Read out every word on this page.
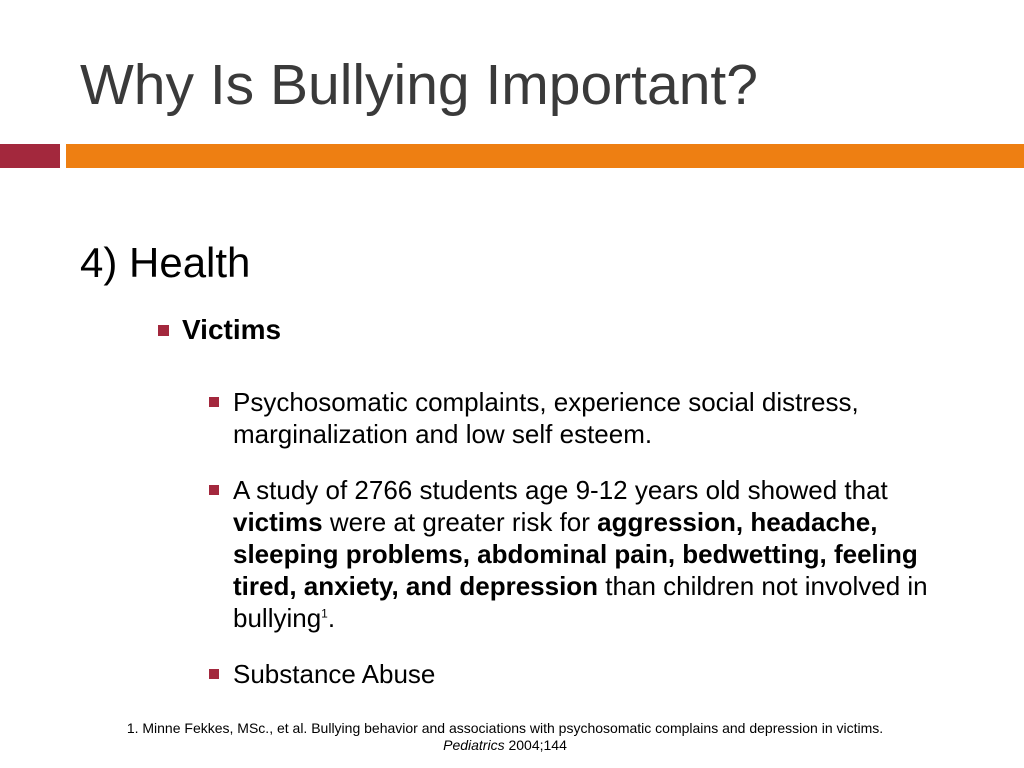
Why Is Bullying Important?
4) Health
Victims
Psychosomatic complaints, experience social distress, marginalization and low self esteem.
A study of 2766 students age 9-12 years old showed that victims were at greater risk for aggression, headache, sleeping problems, abdominal pain, bedwetting, feeling tired, anxiety, and depression than children not involved in bullying$^1$.
Substance Abuse
1. Minne Fekkes, MSc., et al. Bullying behavior and associations with psychosomatic complains and depression in victims. Pediatrics 2004;144
